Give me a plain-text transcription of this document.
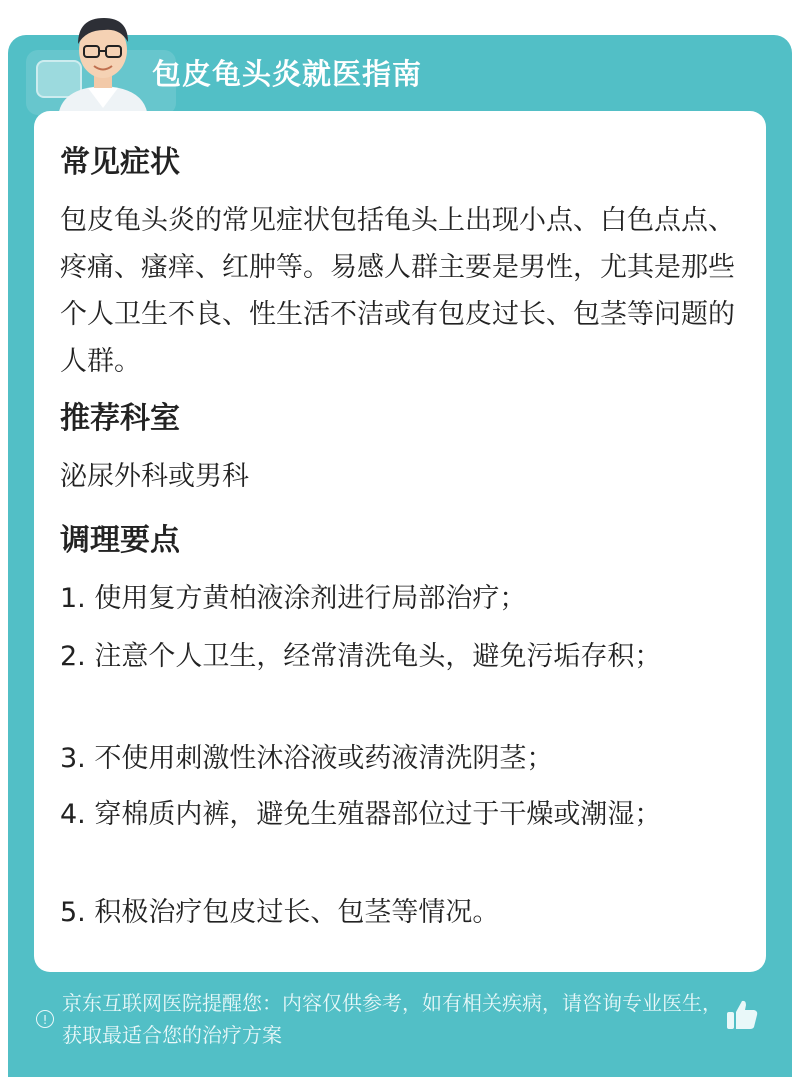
包皮龟头炎就医指南
常见症状
包皮龟头炎的常见症状包括龟头上出现小点、白色点点、疼痛、瘙痒、红肿等。易感人群主要是男性，尤其是那些个人卫生不良、性生活不洁或有包皮过长、包茎等问题的人群。
推荐科室
泌尿外科或男科
调理要点
1. 使用复方黄柏液涂剂进行局部治疗；
2. 注意个人卫生，经常清洗龟头，避免污垢存积；
3. 不使用刺激性沐浴液或药液清洗阴茎；
4. 穿棉质内裤，避免生殖器部位过于干燥或潮湿；
5. 积极治疗包皮过长、包茎等情况。
!
京东互联网医院提醒您：内容仅供参考，如有相关疾病，请咨询专业医生，获取最适合您的治疗方案
